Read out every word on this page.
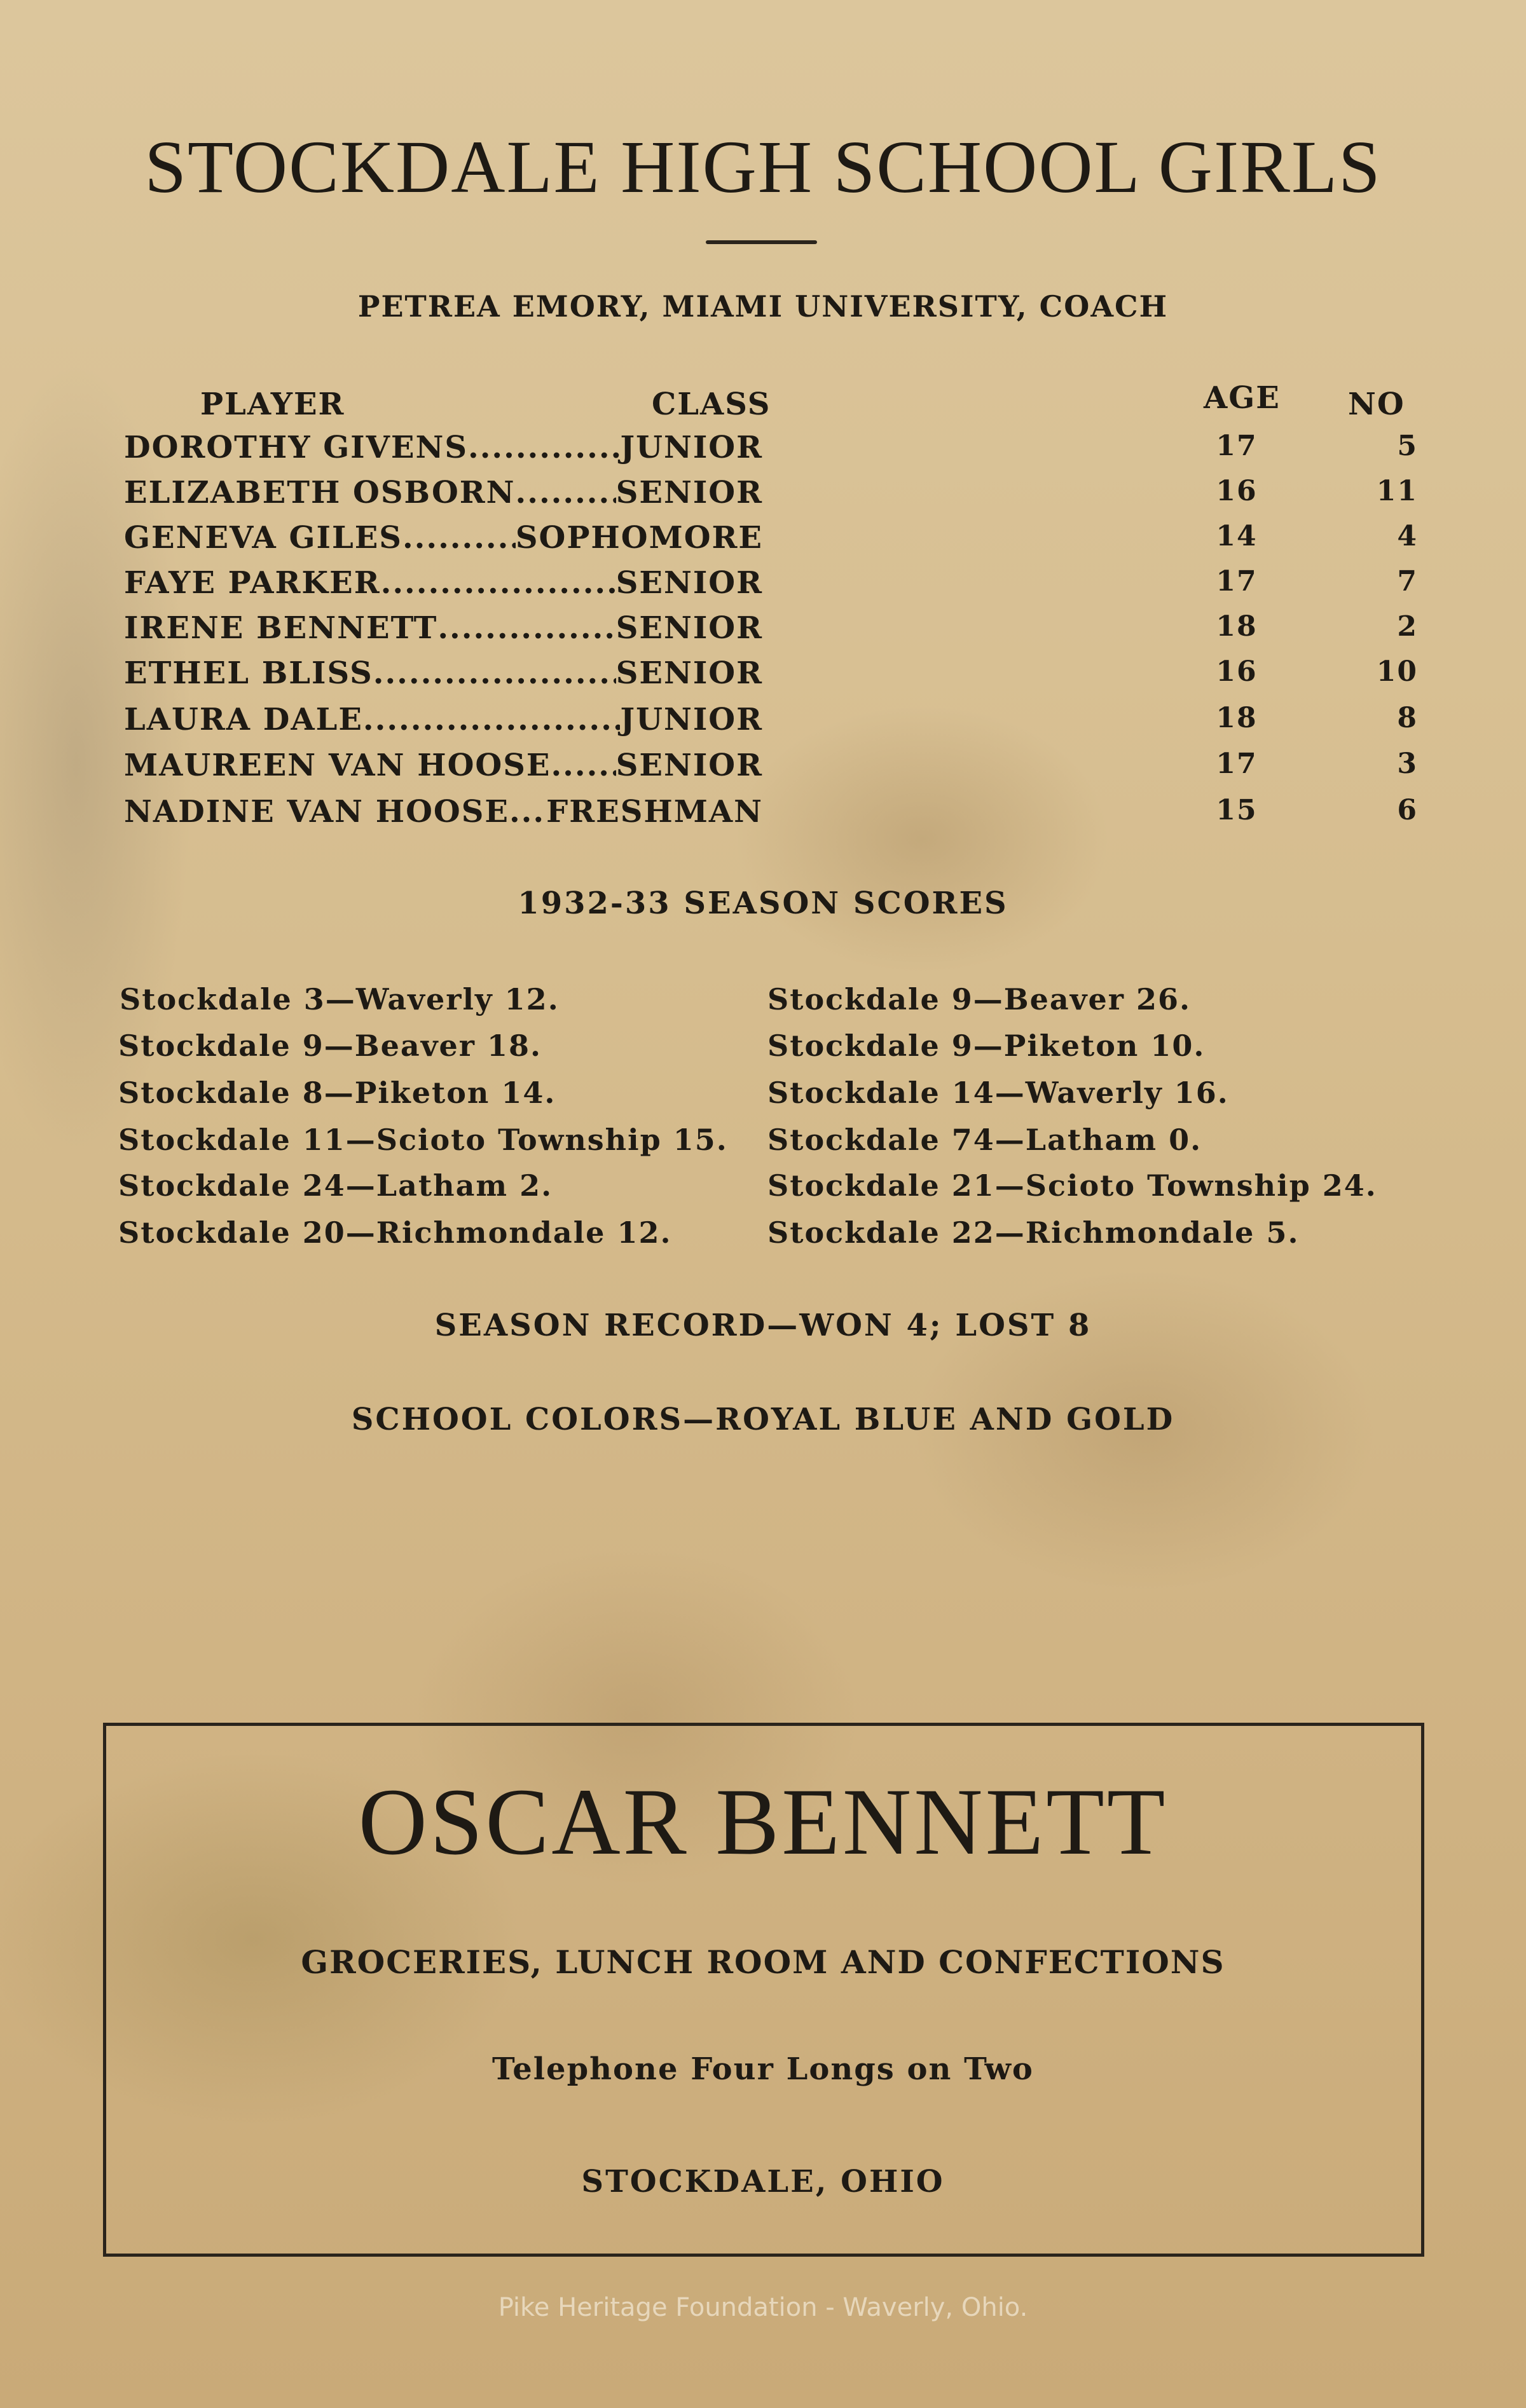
STOCKDALE HIGH SCHOOL GIRLS
PETREA EMORY, MIAMI UNIVERSITY, COACH
PLAYER	CLASS	AGE NO
DOROTHY GIVENS .....	JUNIOR	17	5
ELIZABETH OSBORN .....	SENIOR	16	11
GENEVA GILES .....	SOPHOMORE	14	4
FAYE PARKER .....	SENIOR	17	7
IRENE BENNETT .....	SENIOR	18	2
ETHEL BLISS .....	SENIOR	16	10
LAURA DALE .....	JUNIOR	18	8
MAUREEN VAN HOOSE ..... SENIOR	17	3
NADINE VAN HOOSE ..... FRESHMAN	15	6
1932-33 SEASON SCORES
Stockdale 3—Waverly 12.
Stockdale 9—Beaver 18.
Stockdale 8—Piketon 14.
Stockdale 11—Scioto Township 15.
Stockdale 24—Latham 2.
Stockdale 20—Richmondale 12.
Stockdale 9—Beaver 26.
Stockdale 9—Piketon 10.
Stockdale 14—Waverly 16.
Stockdale 74—Latham 0.
Stockdale 21—Scioto Township 24.
Stockdale 22—Richmondale 5.
SEASON RECORD—WON 4; LOST 8
SCHOOL COLORS—ROYAL BLUE AND GOLD
OSCAR BENNETT
GROCERIES, LUNCH ROOM AND CONFECTIONS
Telephone Four Longs on Two
STOCKDALE, OHIO
Pike Heritage Foundation - Waverly, Ohio.
